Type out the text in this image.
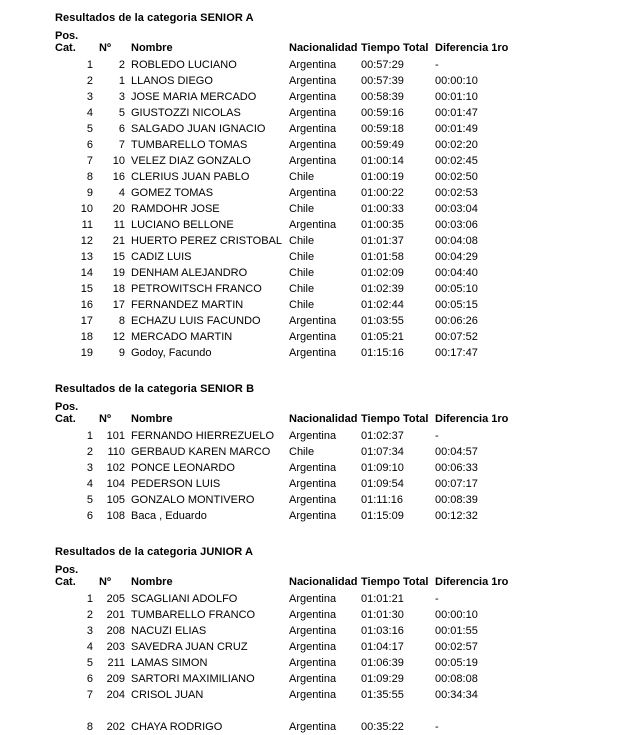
Resultados de la categoria SENIOR A
Pos.
Cat.	Nº	Nombre	Nacionalidad	Tiempo Total	Diferencia 1ro
1	2	ROBLEDO LUCIANO	Argentina	00:57:29	-
2	1	LLANOS DIEGO	Argentina	00:57:39	00:00:10
3	3	JOSE MARIA MERCADO	Argentina	00:58:39	00:01:10
4	5	GIUSTOZZI NICOLAS	Argentina	00:59:16	00:01:47
5	6	SALGADO JUAN IGNACIO	Argentina	00:59:18	00:01:49
6	7	TUMBARELLO TOMAS	Argentina	00:59:49	00:02:20
7	10	VELEZ DIAZ GONZALO	Argentina	01:00:14	00:02:45
8	16	CLERIUS JUAN PABLO	Chile	01:00:19	00:02:50
9	4	GOMEZ TOMAS	Argentina	01:00:22	00:02:53
10	20	RAMDOHR JOSE	Chile	01:00:33	00:03:04
11	11	LUCIANO BELLONE	Argentina	01:00:35	00:03:06
12	21	HUERTO PEREZ CRISTOBAL	Chile	01:01:37	00:04:08
13	15	CADIZ LUIS	Chile	01:01:58	00:04:29
14	19	DENHAM ALEJANDRO	Chile	01:02:09	00:04:40
15	18	PETROWITSCH FRANCO	Chile	01:02:39	00:05:10
16	17	FERNANDEZ MARTIN	Chile	01:02:44	00:05:15
17	8	ECHAZU LUIS FACUNDO	Argentina	01:03:55	00:06:26
18	12	MERCADO MARTIN	Argentina	01:05:21	00:07:52
19	9	Godoy, Facundo	Argentina	01:15:16	00:17:47
Resultados de la categoria SENIOR B
Pos.
Cat.	Nº	Nombre	Nacionalidad	Tiempo Total	Diferencia 1ro
1	101	FERNANDO HIERREZUELO	Argentina	01:02:37	-
2	110	GERBAUD KAREN MARCO	Chile	01:07:34	00:04:57
3	102	PONCE LEONARDO	Argentina	01:09:10	00:06:33
4	104	PEDERSON LUIS	Argentina	01:09:54	00:07:17
5	105	GONZALO MONTIVERO	Argentina	01:11:16	00:08:39
6	108	Baca , Eduardo	Argentina	01:15:09	00:12:32
Resultados de la categoria JUNIOR A
Pos.
Cat.	Nº	Nombre	Nacionalidad	Tiempo Total	Diferencia 1ro
1	205	SCAGLIANI ADOLFO	Argentina	01:01:21	-
2	201	TUMBARELLO FRANCO	Argentina	01:01:30	00:00:10
3	208	NACUZI ELIAS	Argentina	01:03:16	00:01:55
4	203	SAVEDRA JUAN CRUZ	Argentina	01:04:17	00:02:57
5	211	LAMAS SIMON	Argentina	01:06:39	00:05:19
6	209	SARTORI MAXIMILIANO	Argentina	01:09:29	00:08:08
7	204	CRISOL JUAN	Argentina	01:35:55	00:34:34

8	202	CHAYA RODRIGO	Argentina	00:35:22	-
